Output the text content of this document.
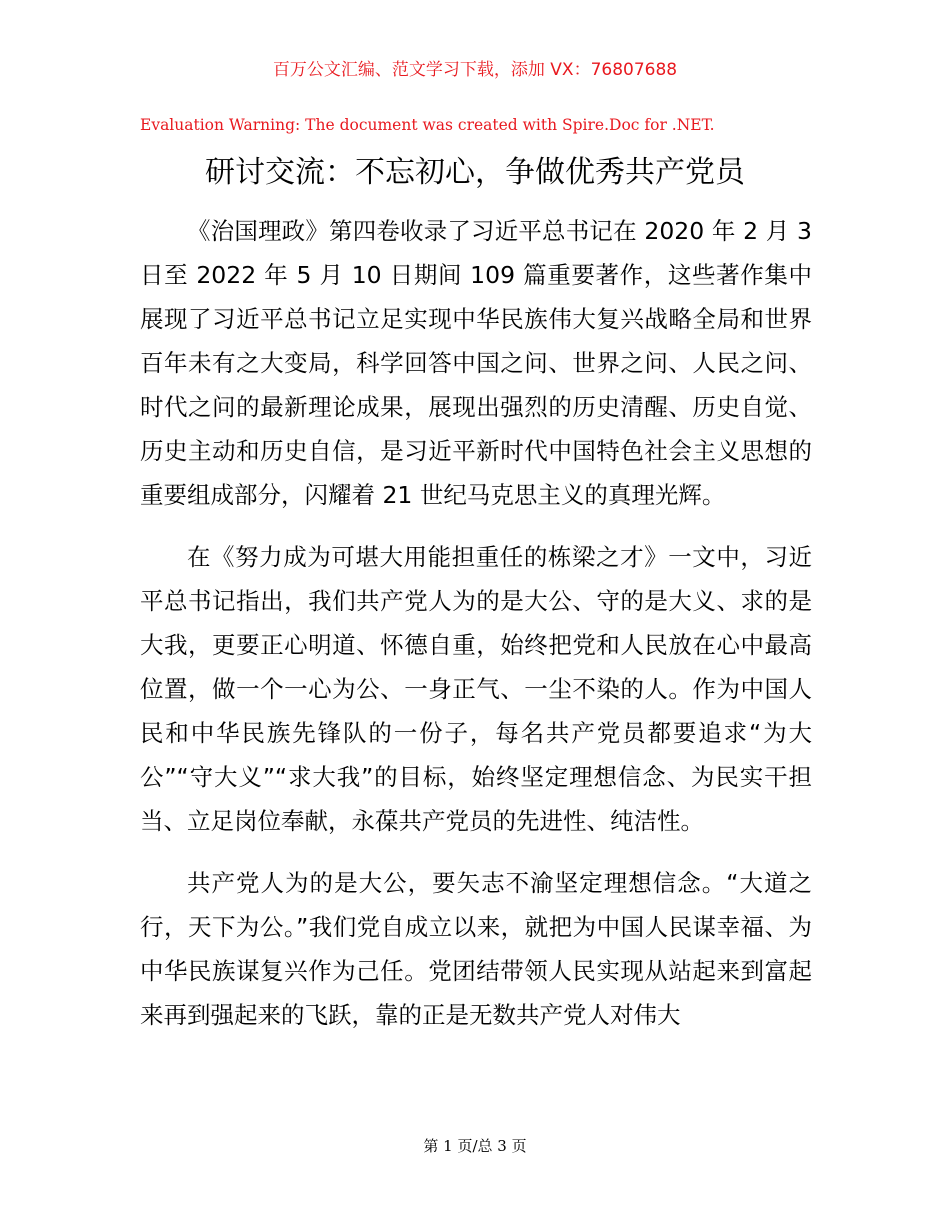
百万公文汇编、范文学习下载，添加 VX：76807688
Evaluation Warning: The document was created with Spire.Doc for .NET.
研讨交流：不忘初心，争做优秀共产党员

《治国理政》第四卷收录了习近平总书记在 2020 年 2 月 3 日至 2022 年 5 月 10 日期间 109 篇重要著作，这些著作集中展现了习近平总书记立足实现中华民族伟大复兴战略全局和世界百年未有之大变局，科学回答中国之问、世界之问、人民之问、时代之问的最新理论成果，展现出强烈的历史清醒、历史自觉、历史主动和历史自信，是习近平新时代中国特色社会主义思想的重要组成部分，闪耀着 21 世纪马克思主义的真理光辉。

在《努力成为可堪大用能担重任的栋梁之才》一文中，习近平总书记指出，我们共产党人为的是大公、守的是大义、求的是大我，更要正心明道、怀德自重，始终把党和人民放在心中最高位置，做一个一心为公、一身正气、一尘不染的人。作为中国人民和中华民族先锋队的一份子，每名共产党员都要追求“为大公”“守大义”“求大我”的目标，始终坚定理想信念、为民实干担当、立足岗位奉献，永葆共产党员的先进性、纯洁性。

共产党人为的是大公，要矢志不渝坚定理想信念。“大道之行，天下为公。”我们党自成立以来，就把为中国人民谋幸福、为中华民族谋复兴作为己任。党团结带领人民实现从站起来到富起来再到强起来的飞跃，靠的正是无数共产党人对伟大

第 1 页/总 3 页
